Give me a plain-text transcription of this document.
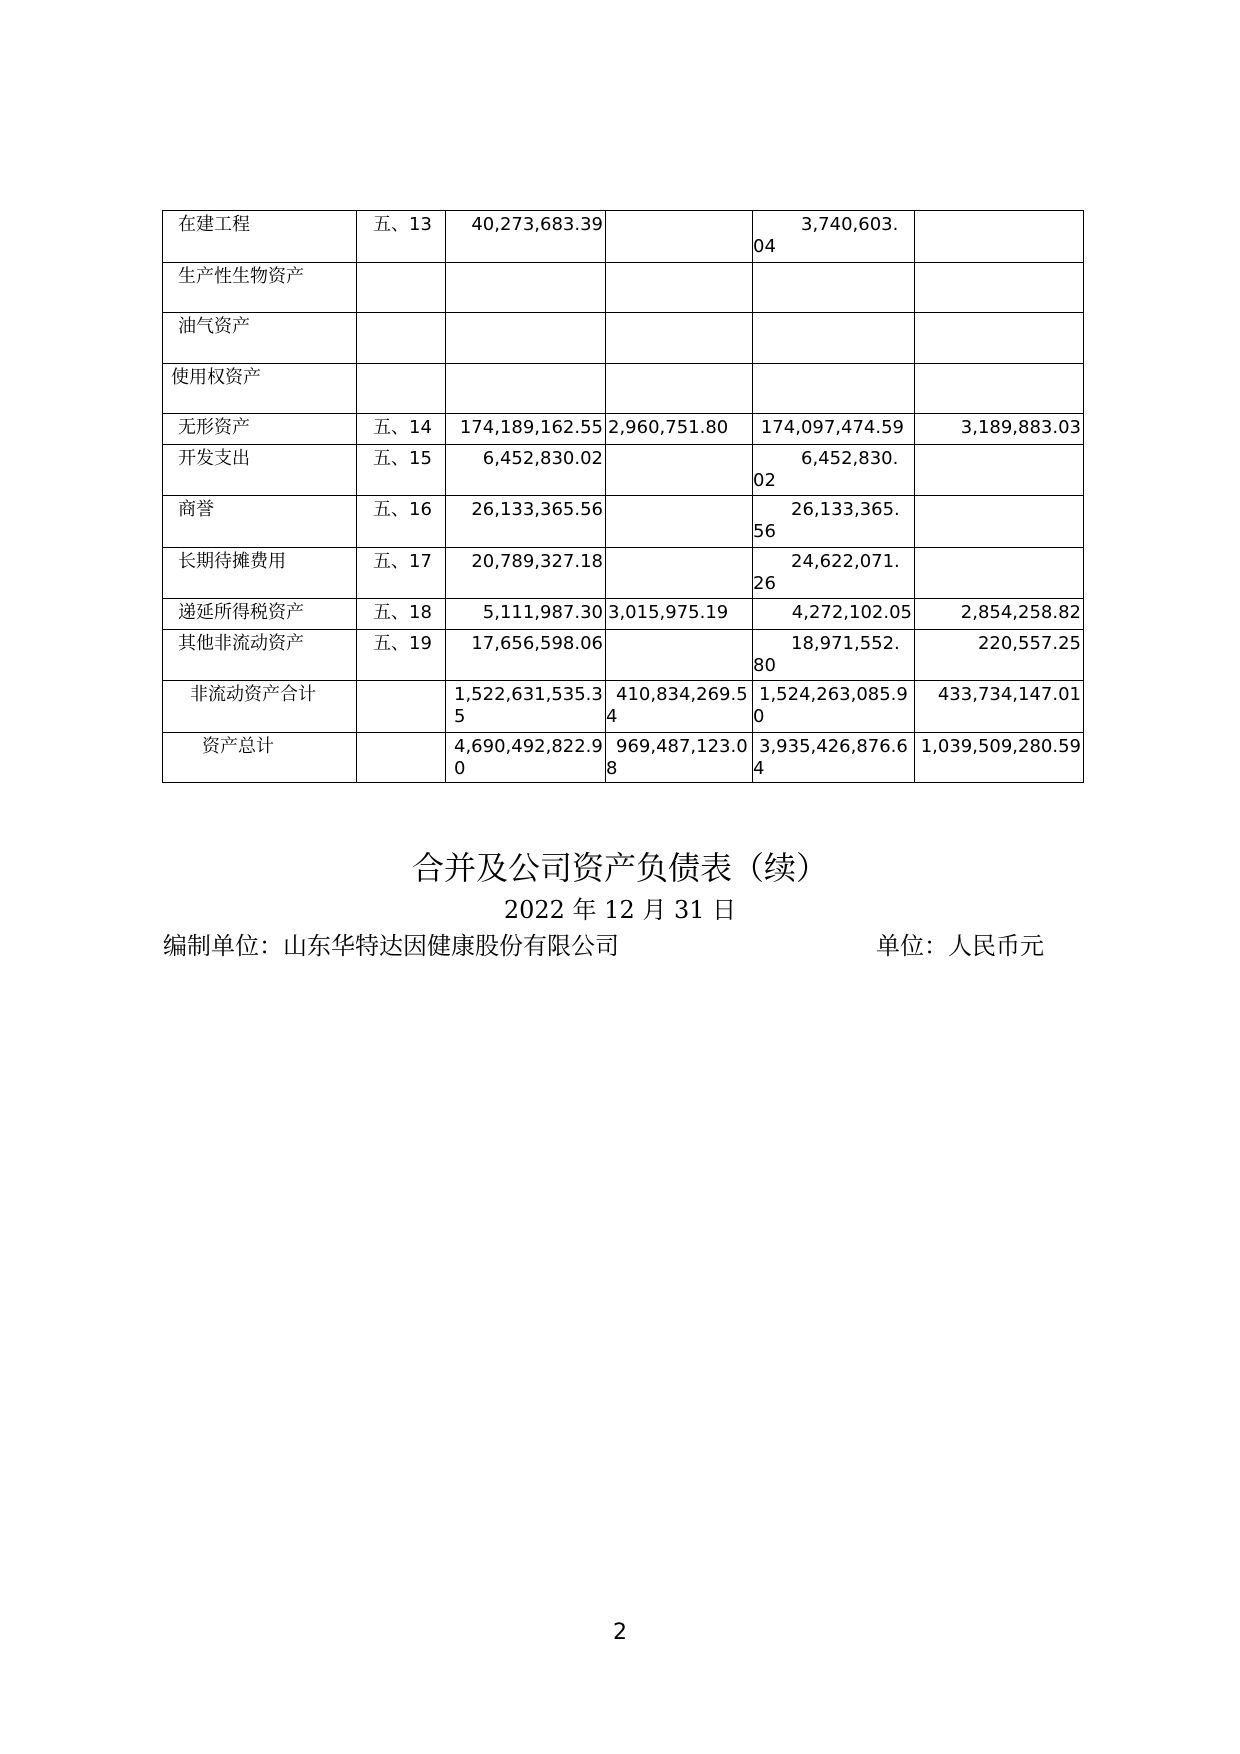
在建工程	五、13	40,273,683.39		3,740,603.04	

生产性生物资产					
油气资产					
使用权资产					
无形资产	五、14	174,189,162.55	2,960,751.80	174,097,474.59	3,189,883.03
开发支出	五、15	6,452,830.02		6,452,830.02	

商誉	五、16	26,133,365.56		26,133,365.56	

长期待摊费用	五、17	20,789,327.18		24,622,071.26	

递延所得税资产	五、18	5,111,987.30	3,015,975.19	4,272,102.05	2,854,258.82
其他非流动资产	五、19	17,656,598.06		18,971,552.80	220,557.25
非流动资产合计		1,522,631,535.35	410,834,269.54	1,524,263,085.90	433,734,147.01
资产总计		4,690,492,822.90	969,487,123.08	3,935,426,876.64	1,039,509,280.59
合并及公司资产负债表（续）
2022 年 12 月 31 日
编制单位：山东华特达因健康股份有限公司	单位：人民币元
2
